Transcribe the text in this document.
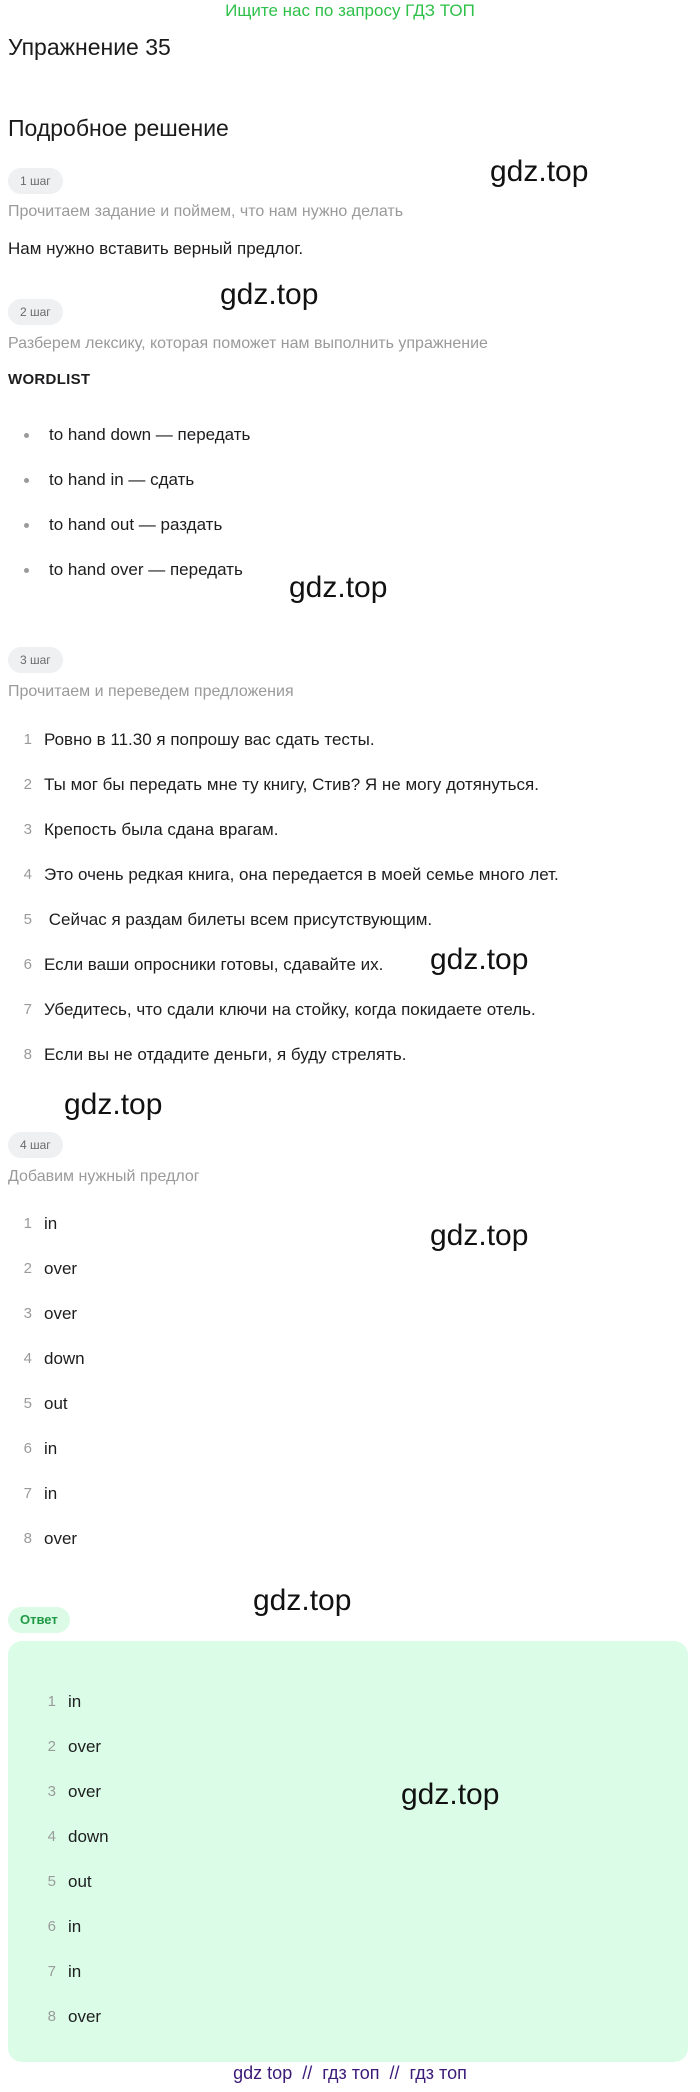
Ищите нас по запросу ГДЗ ТОП
Упражнение 35
Подробное решение
1 шаг
Прочитаем задание и поймем, что нам нужно делать
Нам нужно вставить верный предлог.
2 шаг
Разберем лексику, которая поможет нам выполнить упражнение
WORDLIST
to hand down — передать
to hand in — сдать
to hand out — раздать
to hand over — передать
3 шаг
Прочитаем и переведем предложения
1 Ровно в 11.30 я попрошу вас сдать тесты.
2 Ты мог бы передать мне ту книгу, Стив? Я не могу дотянуться.
3 Крепость была сдана врагам.
4 Это очень редкая книга, она передается в моей семье много лет.
5 Сейчас я раздам билеты всем присутствующим.
6 Если ваши опросники готовы, сдавайте их.
7 Убедитесь, что сдали ключи на стойку, когда покидаете отель.
8 Если вы не отдадите деньги, я буду стрелять.
4 шаг
Добавим нужный предлог
1 in
2 over
3 over
4 down
5 out
6 in
7 in
8 over
Ответ
1 in
2 over
3 over
4 down
5 out
6 in
7 in
8 over
gdz.top
gdz.top
gdz.top
gdz.top
gdz.top
gdz.top
gdz.top
gdz.top
gdz top  //  гдз топ  //  гдз топ
